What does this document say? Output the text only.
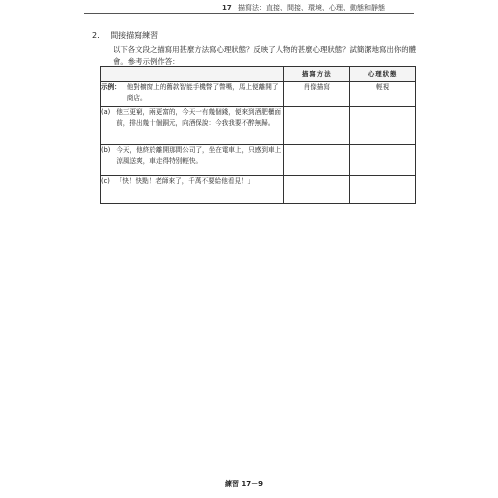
17 描寫法：直接、間接、環境、心理、動態和靜態
2. 間接描寫練習
以下各文段之描寫用甚麼方法寫心理狀態？反映了人物的甚麼心理狀態？試簡潔地寫出你的體會。參考示例作答：
	描寫方法	心理狀態

示例： 他對櫥窗上的舊款智能手機瞥了瞥嘴，馬上便離開了商店。	肖像描寫	輕視

(a) 他三更窮，兩更富的，今天一有幾個錢，便來到酒肥櫃面前，排出幾十個銅元，向酒保說：今我我要不醉無歸。		

(b) 今天，他終於離開那間公司了，坐在電車上，只感到車上涼風送爽，車走得特別輕快。		

(c) 「快！快點！老師來了，千萬不要給他看見！」		

練習 17－9
